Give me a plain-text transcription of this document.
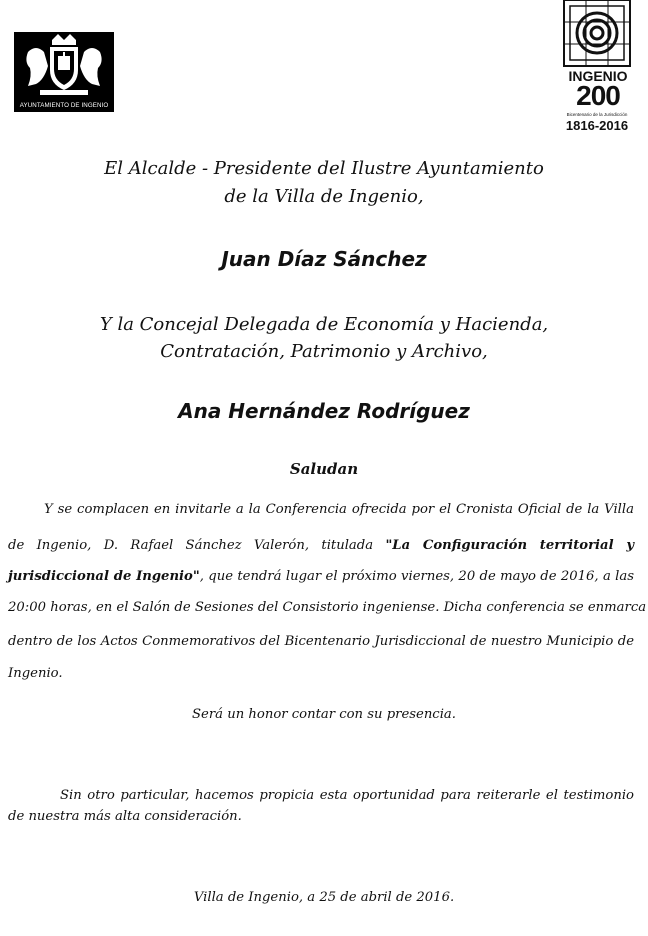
AYUNTAMIENTO DE INGENIO
INGENIO
200
Bicentenario de la Jurisdicción
1816-2016
El Alcalde - Presidente del Ilustre Ayuntamiento
de la Villa de Ingenio,
Juan Díaz Sánchez
Y la Concejal Delegada de Economía y Hacienda,
Contratación, Patrimonio y Archivo,
Ana Hernández Rodríguez
Saludan
Y se complacen en invitarle a la Conferencia ofrecida por el Cronista Oficial de la Villa
de Ingenio, D. Rafael Sánchez Valerón, titulada "La Configuración territorial y
jurisdiccional de Ingenio", que tendrá lugar el próximo viernes, 20 de mayo de 2016, a las
20:00 horas, en el Salón de Sesiones del Consistorio ingeniense. Dicha conferencia se enmarca
dentro de los Actos Conmemorativos del Bicentenario Jurisdiccional de nuestro Municipio de
Ingenio.
Será un honor contar con su presencia.
Sin otro particular, hacemos propicia esta oportunidad para reiterarle el testimonio
de nuestra más alta consideración.
Villa de Ingenio, a 25 de abril de 2016.
